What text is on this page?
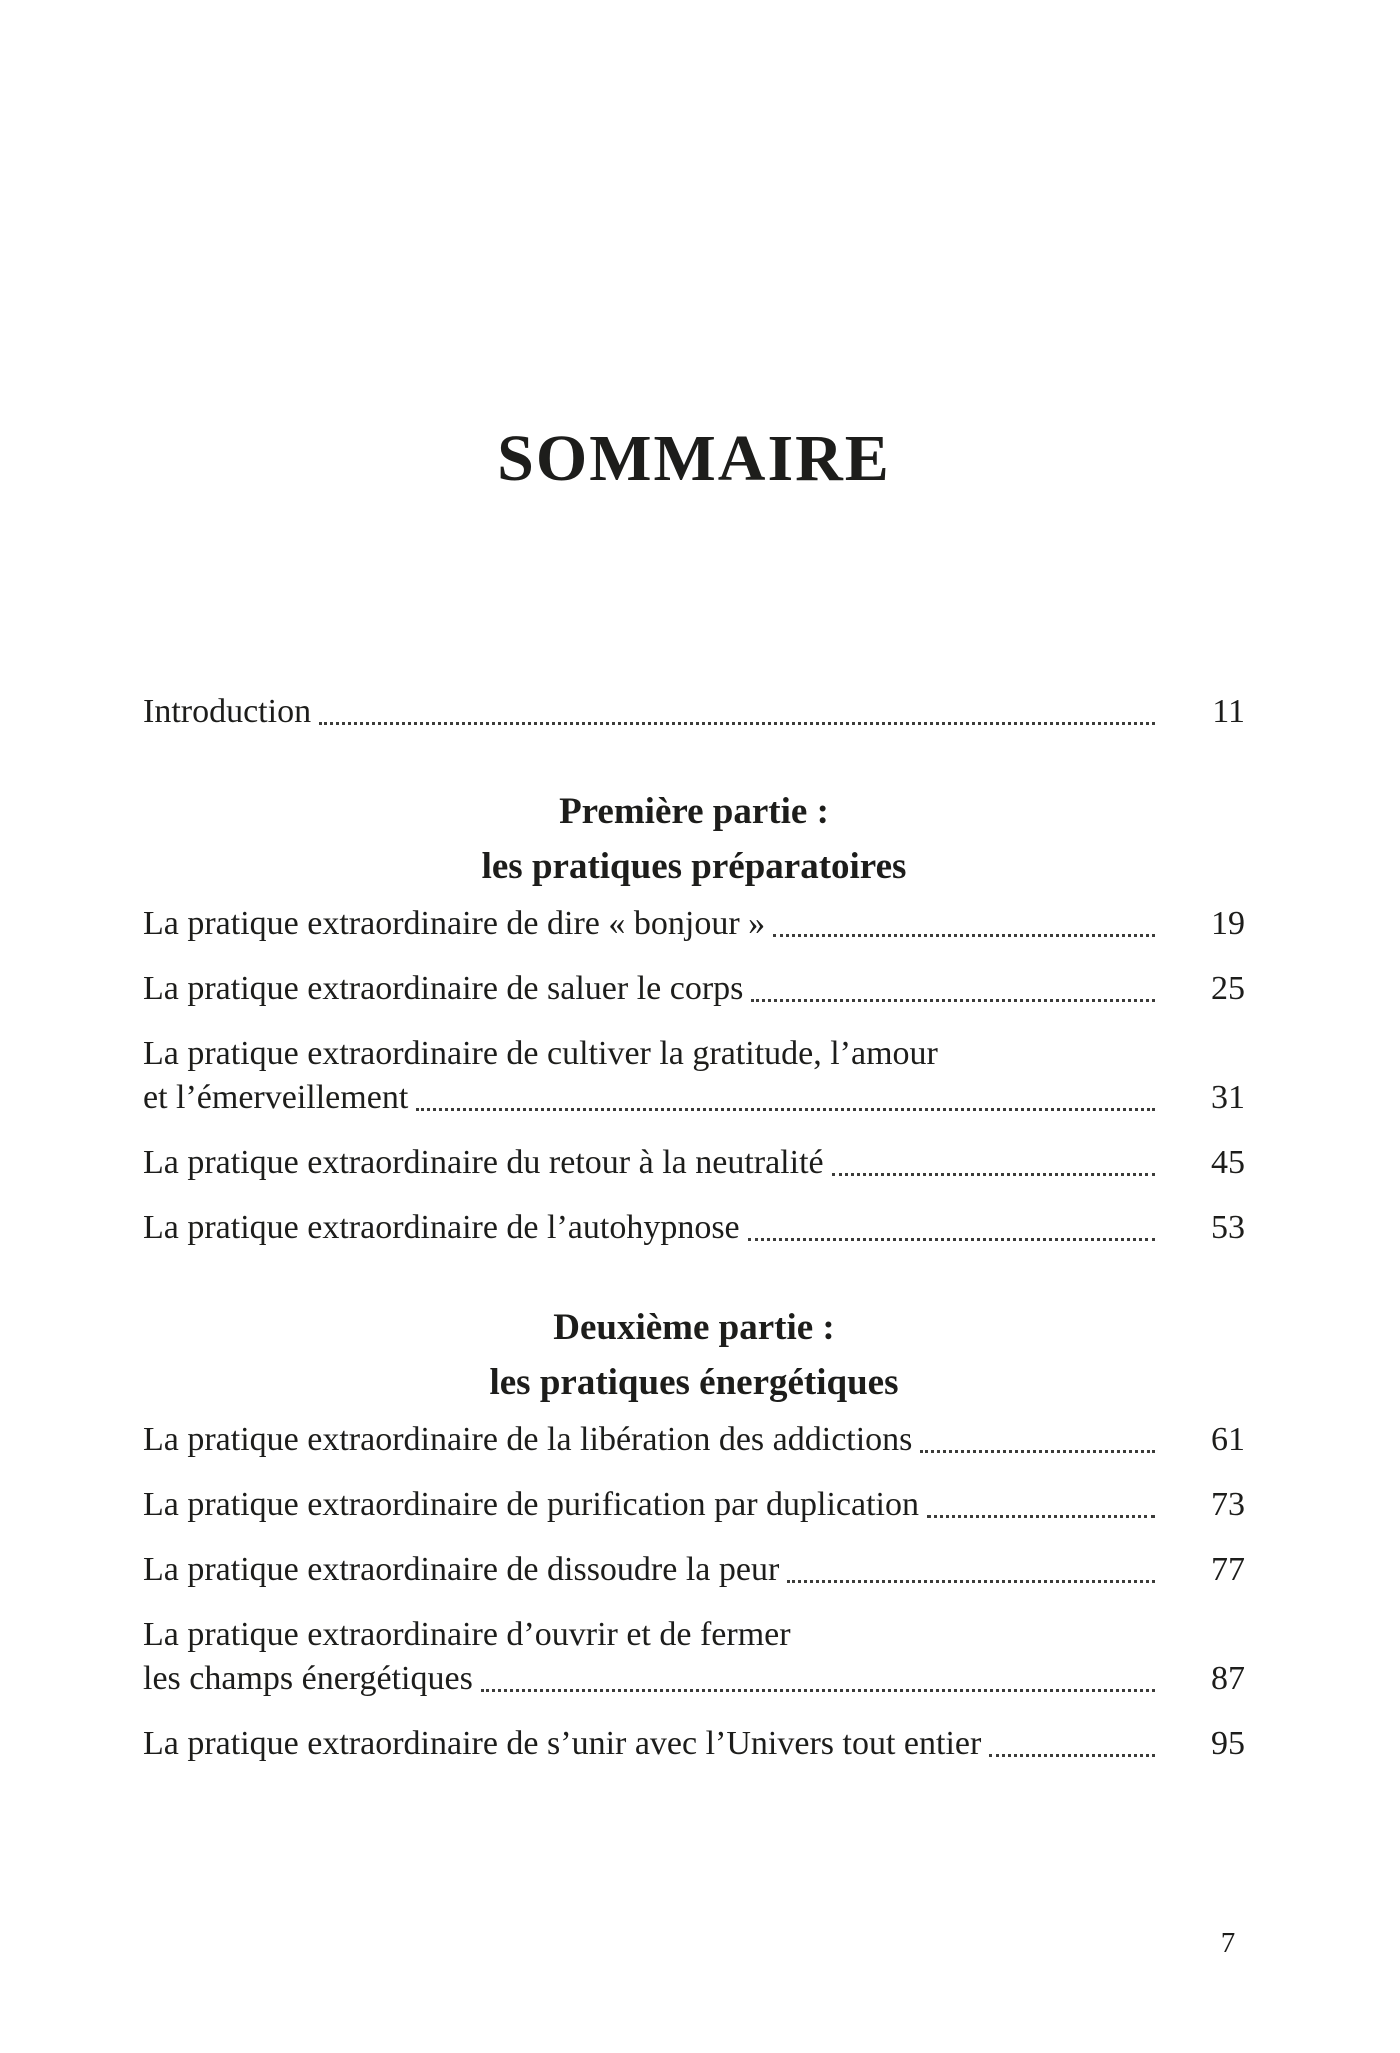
SOMMAIRE
Introduction	11
Première partie :
les pratiques préparatoires
La pratique extraordinaire de dire « bonjour »	19
La pratique extraordinaire de saluer le corps	25
La pratique extraordinaire de cultiver la gratitude, l’amour
et l’émerveillement	31
La pratique extraordinaire du retour à la neutralité	45
La pratique extraordinaire de l’autohypnose	53
Deuxième partie :
les pratiques énergétiques
La pratique extraordinaire de la libération des addictions	61
La pratique extraordinaire de purification par duplication	73
La pratique extraordinaire de dissoudre la peur	77
La pratique extraordinaire d’ouvrir et de fermer
les champs énergétiques	87
La pratique extraordinaire de s’unir avec l’Univers tout entier	95
7
